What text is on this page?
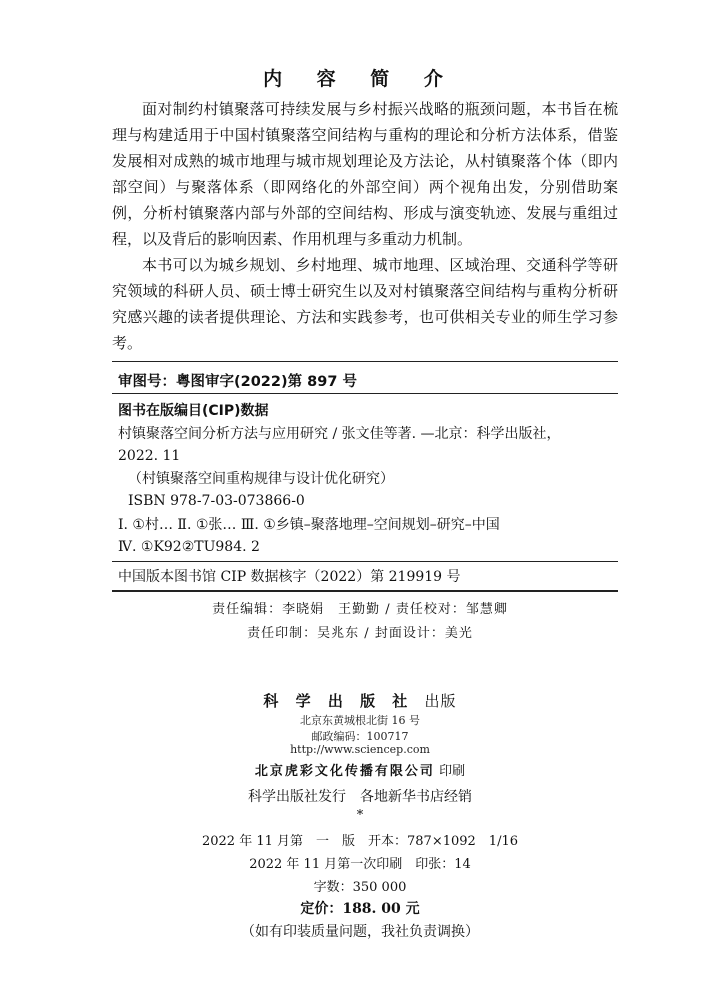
内 容 简 介

面对制约村镇聚落可持续发展与乡村振兴战略的瓶颈问题，本书旨在梳理与构建适用于中国村镇聚落空间结构与重构的理论和分析方法体系，借鉴发展相对成熟的城市地理与城市规划理论及方法论，从村镇聚落个体（即内部空间）与聚落体系（即网络化的外部空间）两个视角出发，分别借助案例，分析村镇聚落内部与外部的空间结构、形成与演变轨迹、发展与重组过程，以及背后的影响因素、作用机理与多重动力机制。

本书可以为城乡规划、乡村地理、城市地理、区域治理、交通科学等研究领域的科研人员、硕士博士研究生以及对村镇聚落空间结构与重构分析研究感兴趣的读者提供理论、方法和实践参考，也可供相关专业的师生学习参考。

审图号：粤图审字(2022)第 897 号
图书在版编目(CIP)数据
村镇聚落空间分析方法与应用研究 / 张文佳等著. —北京：科学出版社，
2022. 11
（村镇聚落空间重构规律与设计优化研究）
ISBN 978-7-03-073866-0
Ⅰ. ①村… Ⅱ. ①张… Ⅲ. ①乡镇–聚落地理–空间规划–研究–中国
Ⅳ. ①K92②TU984. 2
中国版本图书馆 CIP 数据核字（2022）第 219919 号
责任编辑：李晓娟　王勤勤 / 责任校对：邹慧卿
责任印制：吴兆东 / 封面设计：美光
科 学 出 版 社 出版
北京东黄城根北街 16 号
邮政编码：100717
http://www.sciencep.com
北京虎彩文化传播有限公司 印刷
科学出版社发行　各地新华书店经销
*
2022 年 11 月第　一　版　开本：787×1092　1/16
2022 年 11 月第一次印刷　印张：14
字数：350 000
定价：188. 00 元
（如有印装质量问题，我社负责调换）
